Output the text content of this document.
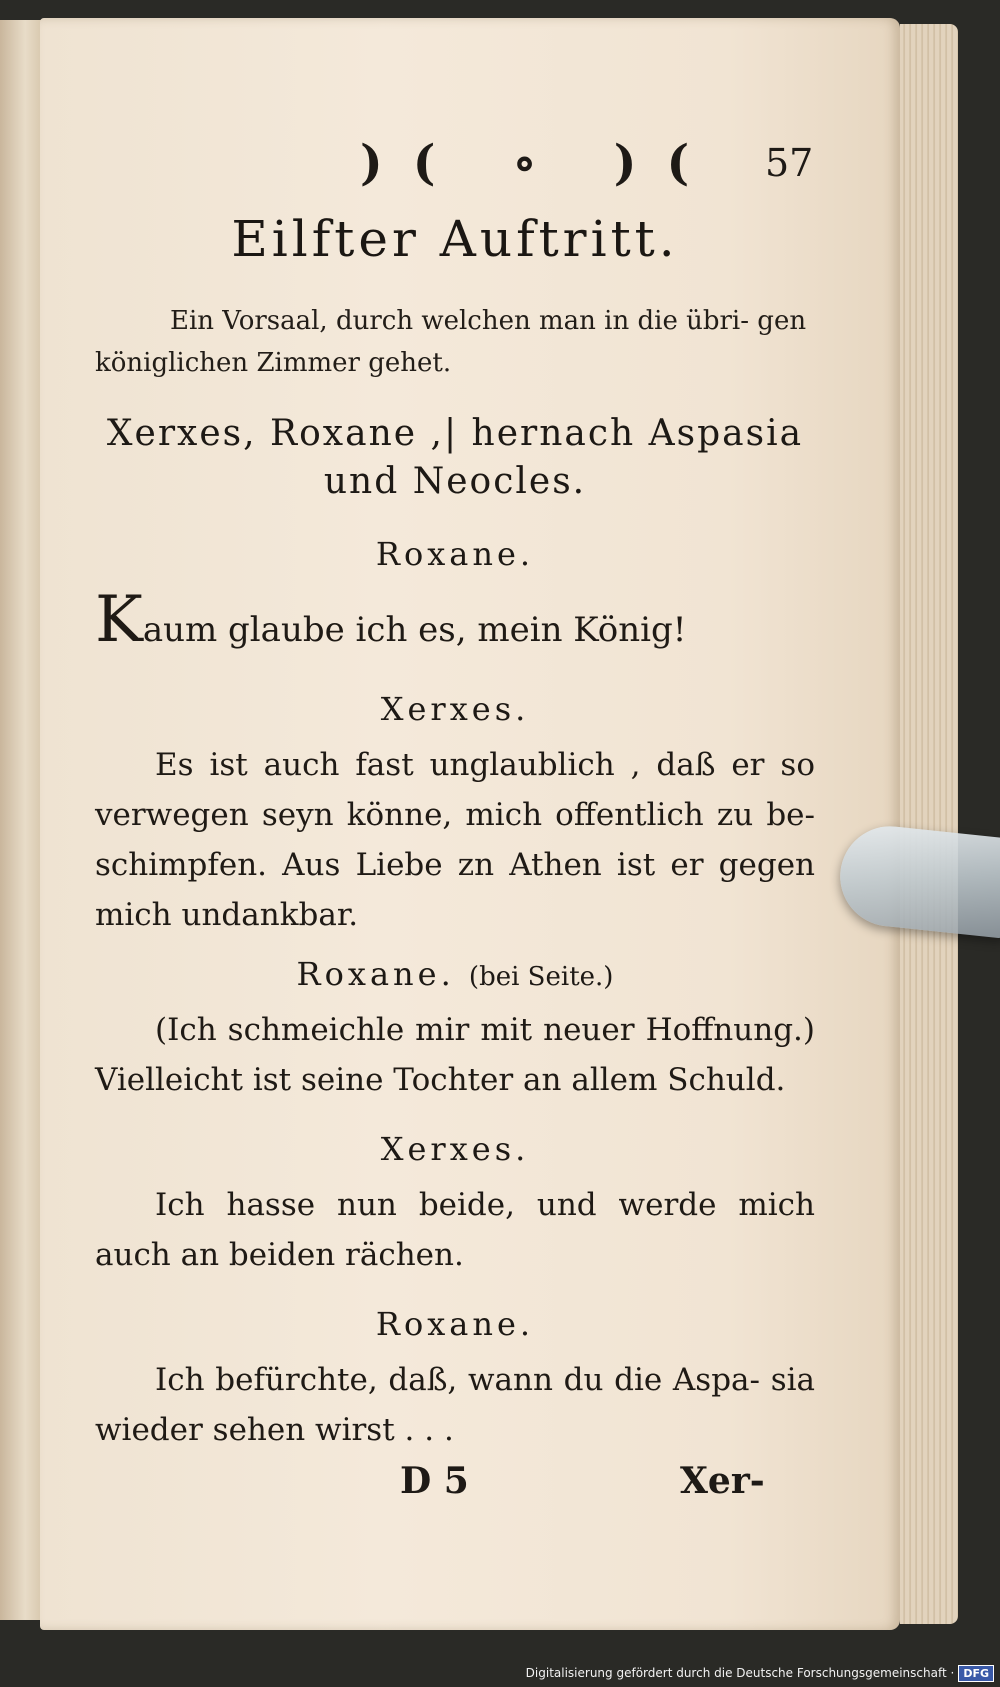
)( ∘ )( 57
Eilfter Auftritt.
Ein Vorsaal, durch welchen man in die übri- gen königlichen Zimmer gehet.
Xerxes, Roxane ,| hernach Aspasia
und Neocles.
Roxane.
Kaum glaube ich es, mein König!
Xerxes.
Es ist auch fast unglaublich , daß er so verwegen seyn könne, mich offentlich zu be- schimpfen. Aus Liebe zn Athen ist er gegen mich undankbar.
Roxane. (bei Seite.)
(Ich schmeichle mir mit neuer Hoffnung.) Vielleicht ist seine Tochter an allem Schuld.
Xerxes.
Ich hasse nun beide, und werde mich auch an beiden rächen.
Roxane.
Ich befürchte, daß, wann du die Aspa- sia wieder sehen wirst . . .
D 5	Xer-
Digitalisierung gefördert durch die Deutsche Forschungsgemeinschaft · DFG
